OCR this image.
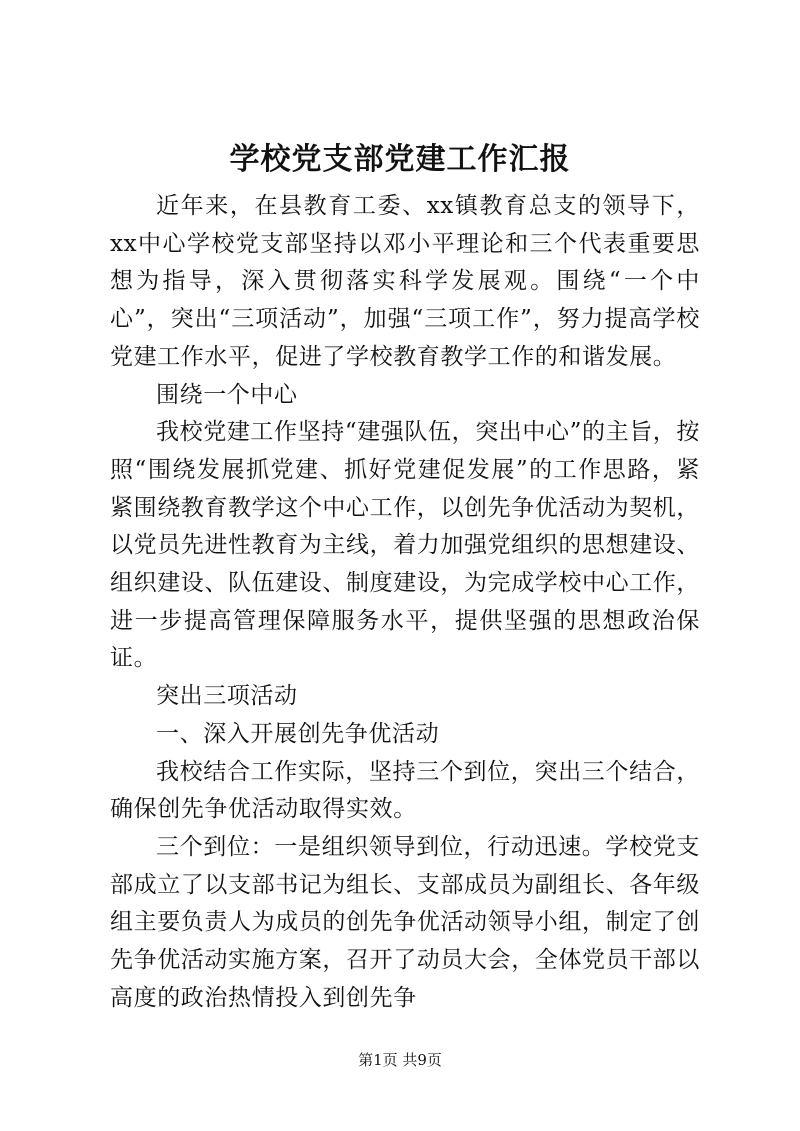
学校党支部党建工作汇报

近年来，在县教育工委、xx镇教育总支的领导下，xx中心学校党支部坚持以邓小平理论和三个代表重要思想为指导，深入贯彻落实科学发展观。围绕“一个中心”，突出“三项活动”，加强“三项工作”，努力提高学校党建工作水平，促进了学校教育教学工作的和谐发展。

围绕一个中心

我校党建工作坚持“建强队伍，突出中心”的主旨，按照“围绕发展抓党建、抓好党建促发展”的工作思路，紧紧围绕教育教学这个中心工作，以创先争优活动为契机，以党员先进性教育为主线，着力加强党组织的思想建设、组织建设、队伍建设、制度建设，为完成学校中心工作，进一步提高管理保障服务水平，提供坚强的思想政治保证。

突出三项活动

一、深入开展创先争优活动

我校结合工作实际，坚持三个到位，突出三个结合，确保创先争优活动取得实效。

三个到位：一是组织领导到位，行动迅速。学校党支部成立了以支部书记为组长、支部成员为副组长、各年级组主要负责人为成员的创先争优活动领导小组，制定了创先争优活动实施方案，召开了动员大会，全体党员干部以高度的政治热情投入到创先争

第1页 共9页
